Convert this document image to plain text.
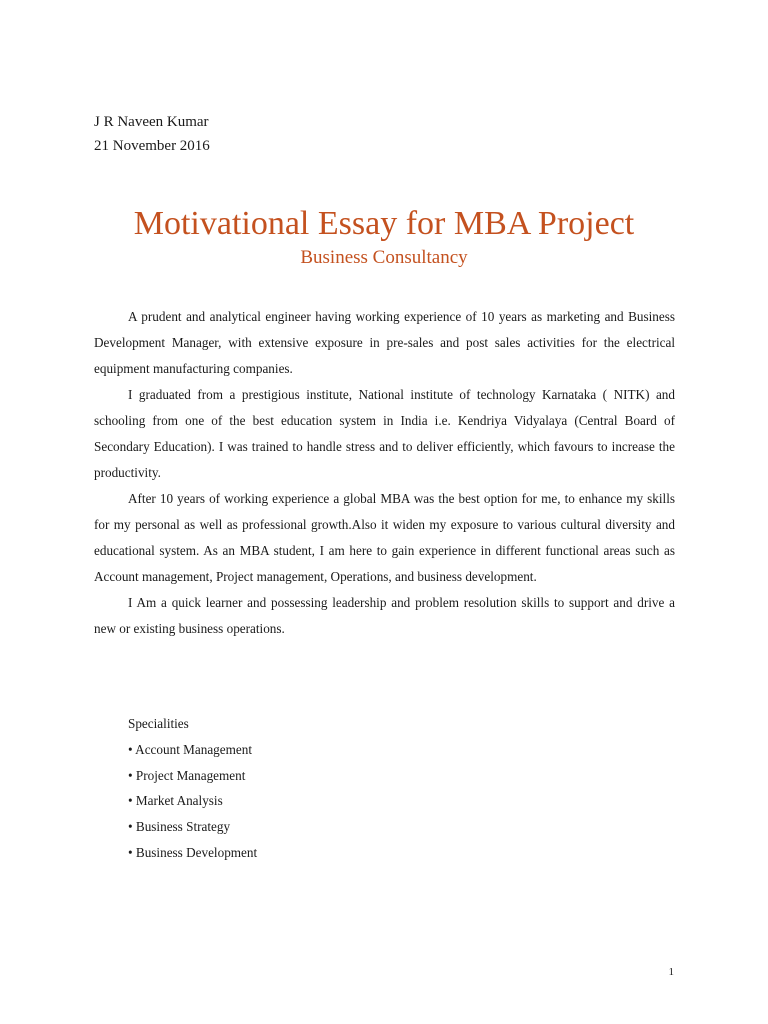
J R Naveen Kumar
21 November 2016
Motivational Essay for MBA Project
Business Consultancy

A prudent and analytical engineer having working experience of 10 years as marketing and Business Development Manager, with extensive exposure in pre-sales and post sales activities for the electrical equipment manufacturing companies.

I graduated from a prestigious institute, National institute of technology Karnataka ( NITK) and schooling from one of the best education system in India i.e. Kendriya Vidyalaya (Central Board of Secondary Education). I was trained to handle stress and to deliver efficiently, which favours to increase the productivity.

After 10 years of working experience a global MBA was the best option for me, to enhance my skills for my personal as well as professional growth.Also it widen my exposure to various cultural diversity and educational system. As an MBA student, I am here to gain experience in different functional areas such as Account management, Project management, Operations, and business development.

I Am a quick learner and possessing leadership and problem resolution skills to support and drive a new or existing business operations.

Specialities
• Account Management
• Project Management
• Market Analysis
• Business Strategy
• Business Development
1
